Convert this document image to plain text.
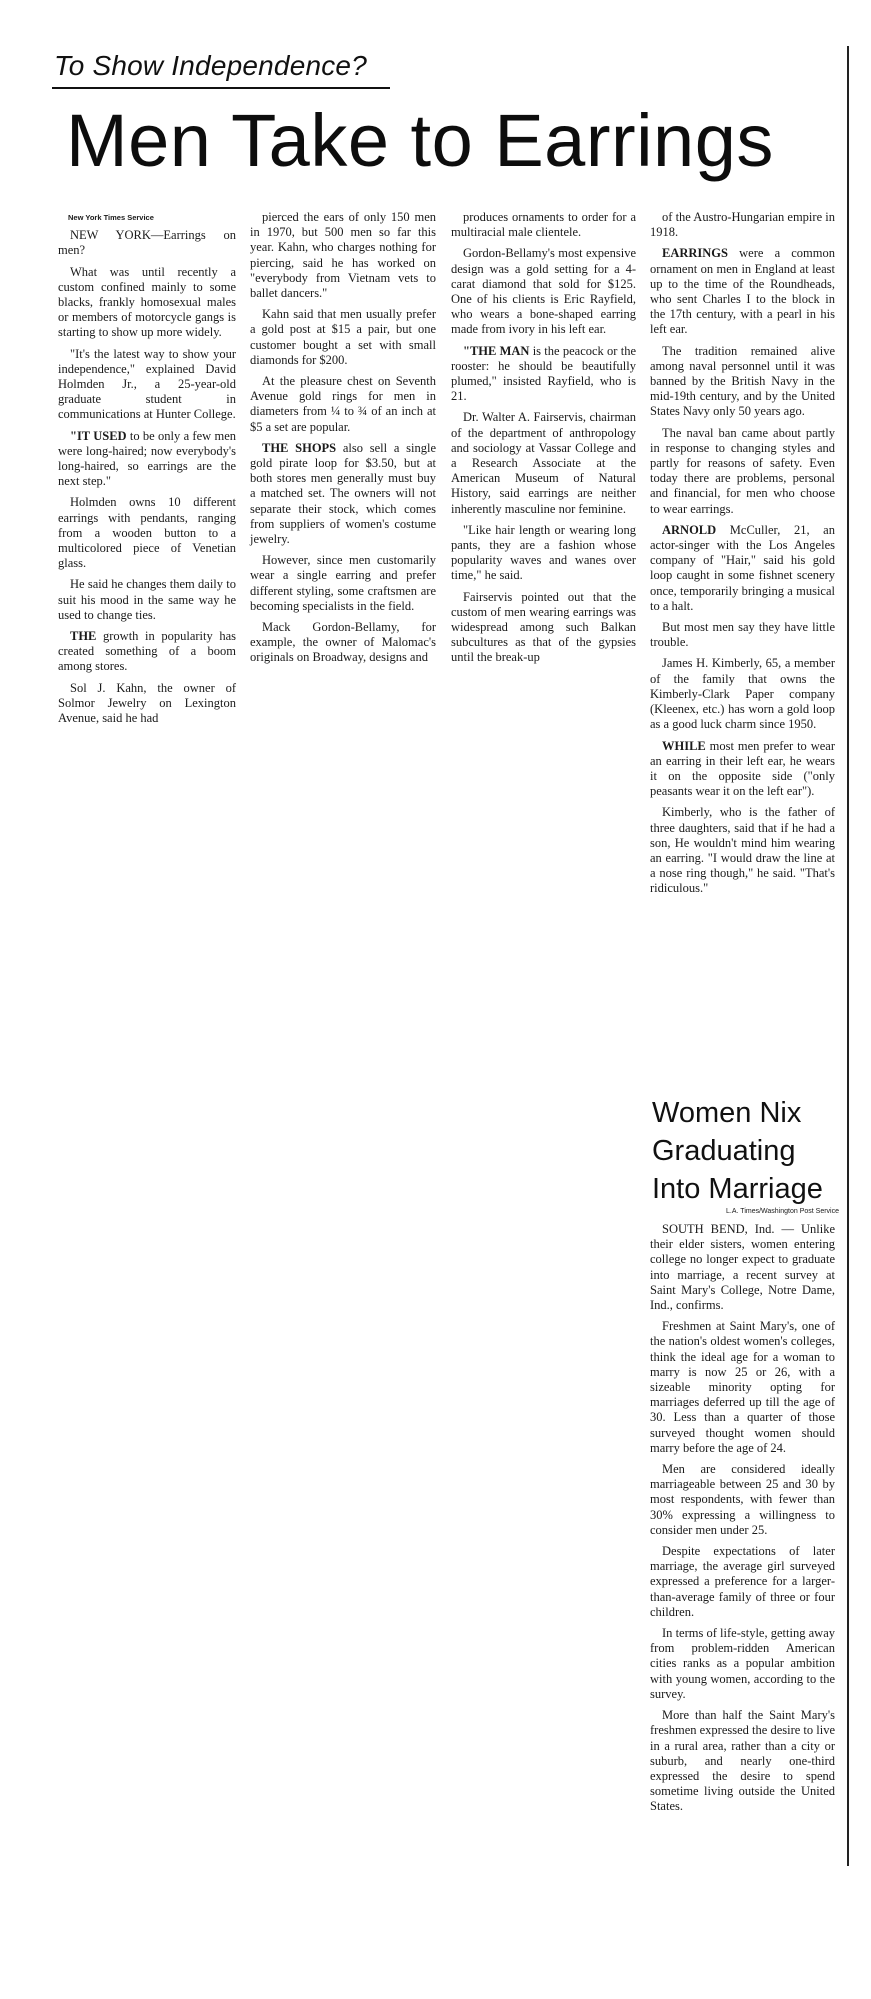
To Show Independence?
Men Take to Earrings
New York Times Service

NEW YORK—Earrings on men?

What was until recently a custom confined mainly to some blacks, frankly homosexual males or members of motorcycle gangs is starting to show up more widely.

"It's the latest way to show your independence," explained David Holmden Jr., a 25-year-old graduate student in communications at Hunter College.

"IT USED to be only a few men were long-haired; now everybody's long-haired, so earrings are the next step."

Holmden owns 10 different earrings with pendants, ranging from a wooden button to a multicolored piece of Venetian glass.

He said he changes them daily to suit his mood in the same way he used to change ties.

THE growth in popularity has created something of a boom among stores.

Sol J. Kahn, the owner of Solmor Jewelry on Lexington Avenue, said he had

pierced the ears of only 150 men in 1970, but 500 men so far this year. Kahn, who charges nothing for piercing, said he has worked on "everybody from Vietnam vets to ballet dancers."

Kahn said that men usually prefer a gold post at $15 a pair, but one customer bought a set with small diamonds for $200.

At the pleasure chest on Seventh Avenue gold rings for men in diameters from ¼ to ¾ of an inch at $5 a set are popular.

THE SHOPS also sell a single gold pirate loop for $3.50, but at both stores men generally must buy a matched set. The owners will not separate their stock, which comes from suppliers of women's costume jewelry.

However, since men customarily wear a single earring and prefer different styling, some craftsmen are becoming specialists in the field.

Mack Gordon-Bellamy, for example, the owner of Malomac's originals on Broadway, designs and

produces ornaments to order for a multiracial male clientele.

Gordon-Bellamy's most expensive design was a gold setting for a 4-carat diamond that sold for $125. One of his clients is Eric Rayfield, who wears a bone-shaped earring made from ivory in his left ear.

"THE MAN is the peacock or the rooster: he should be beautifully plumed," insisted Rayfield, who is 21.

Dr. Walter A. Fairservis, chairman of the department of anthropology and sociology at Vassar College and a Research Associate at the American Museum of Natural History, said earrings are neither inherently masculine nor feminine.

"Like hair length or wearing long pants, they are a fashion whose popularity waves and wanes over time," he said.

Fairservis pointed out that the custom of men wearing earrings was widespread among such Balkan subcultures as that of the gypsies until the break-up

of the Austro-Hungarian empire in 1918.

EARRINGS were a common ornament on men in England at least up to the time of the Roundheads, who sent Charles I to the block in the 17th century, with a pearl in his left ear.

The tradition remained alive among naval personnel until it was banned by the British Navy in the mid-19th century, and by the United States Navy only 50 years ago.

The naval ban came about partly in response to changing styles and partly for reasons of safety. Even today there are problems, personal and financial, for men who choose to wear earrings.

ARNOLD McCuller, 21, an actor-singer with the Los Angeles company of "Hair," said his gold loop caught in some fishnet scenery once, temporarily bringing a musical to a halt.

But most men say they have little trouble.

James H. Kimberly, 65, a member of the family that owns the Kimberly-Clark Paper company (Kleenex, etc.) has worn a gold loop as a good luck charm since 1950.

WHILE most men prefer to wear an earring in their left ear, he wears it on the opposite side ("only peasants wear it on the left ear").

Kimberly, who is the father of three daughters, said that if he had a son, He wouldn't mind him wearing an earring. "I would draw the line at a nose ring though," he said. "That's ridiculous."

Women Nix
Graduating
Into Marriage
L.A. Times/Washington Post Service

SOUTH BEND, Ind. — Unlike their elder sisters, women entering college no longer expect to graduate into marriage, a recent survey at Saint Mary's College, Notre Dame, Ind., confirms.

Freshmen at Saint Mary's, one of the nation's oldest women's colleges, think the ideal age for a woman to marry is now 25 or 26, with a sizeable minority opting for marriages deferred up till the age of 30. Less than a quarter of those surveyed thought women should marry before the age of 24.

Men are considered ideally marriageable between 25 and 30 by most respondents, with fewer than 30% expressing a willingness to consider men under 25.

Despite expectations of later marriage, the average girl surveyed expressed a preference for a larger-than-average family of three or four children.

In terms of life-style, getting away from problem-ridden American cities ranks as a popular ambition with young women, according to the survey.

More than half the Saint Mary's freshmen expressed the desire to live in a rural area, rather than a city or suburb, and nearly one-third expressed the desire to spend sometime living outside the United States.
